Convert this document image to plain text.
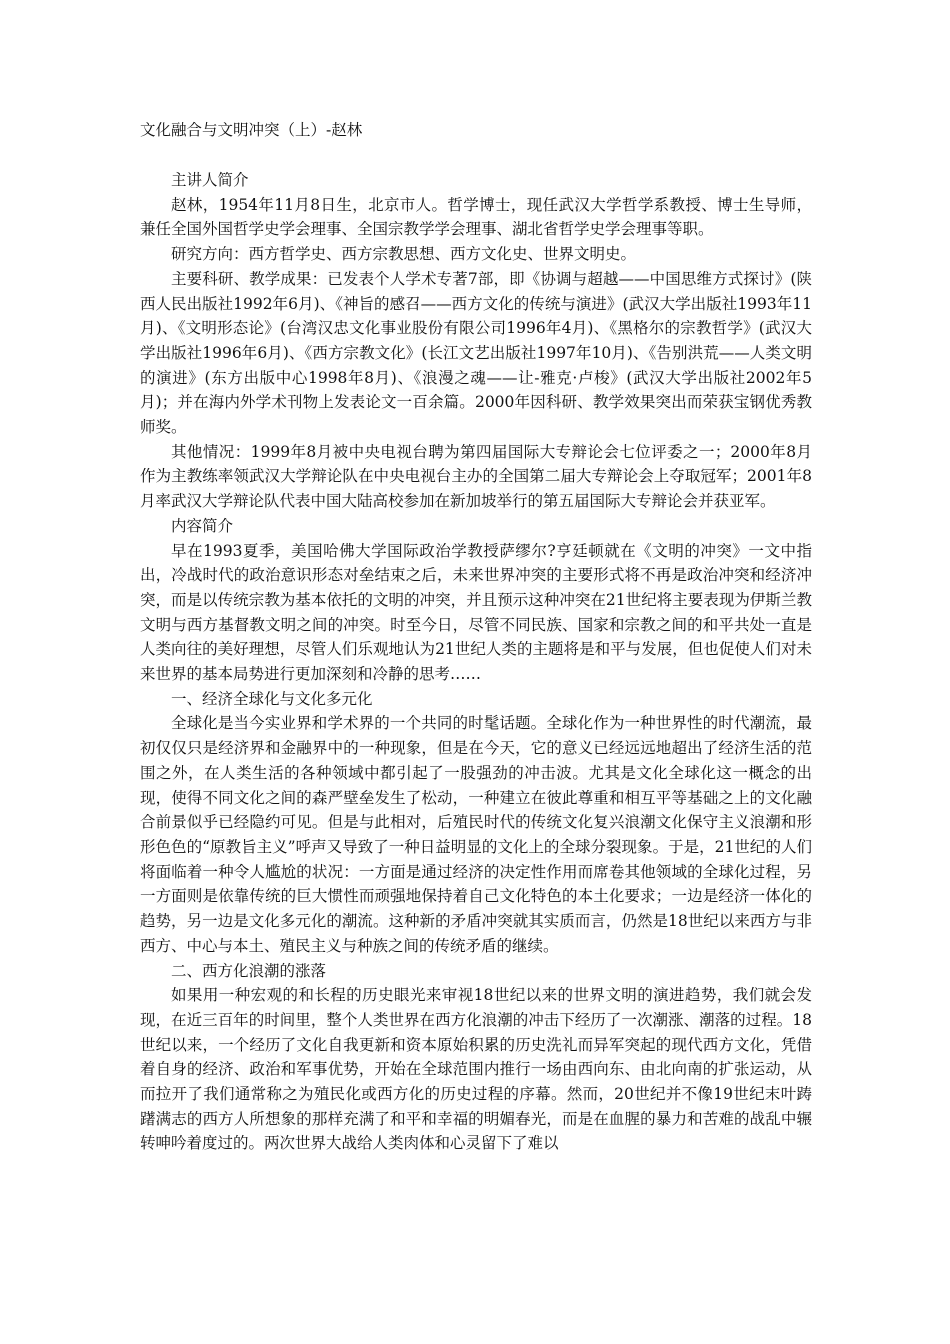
文化融合与文明冲突（上）-赵林

主讲人简介

赵林，1954年11月8日生，北京市人。哲学博士，现任武汉大学哲学系教授、博士生导师，兼任全国外国哲学史学会理事、全国宗教学学会理事、湖北省哲学史学会理事等职。

研究方向：西方哲学史、西方宗教思想、西方文化史、世界文明史。

主要科研、教学成果：已发表个人学术专著7部，即《协调与超越——中国思维方式探讨》(陕西人民出版社1992年6月)、《神旨的感召——西方文化的传统与演进》(武汉大学出版社1993年11月)、《文明形态论》(台湾汉忠文化事业股份有限公司1996年4月)、《黑格尔的宗教哲学》(武汉大学出版社1996年6月)、《西方宗教文化》(长江文艺出版社1997年10月)、《告别洪荒——人类文明的演进》(东方出版中心1998年8月)、《浪漫之魂——让-雅克·卢梭》(武汉大学出版社2002年5月)；并在海内外学术刊物上发表论文一百余篇。2000年因科研、教学效果突出而荣获宝钢优秀教师奖。

其他情况：1999年8月被中央电视台聘为第四届国际大专辩论会七位评委之一；2000年8月作为主教练率领武汉大学辩论队在中央电视台主办的全国第二届大专辩论会上夺取冠军；2001年8月率武汉大学辩论队代表中国大陆高校参加在新加坡举行的第五届国际大专辩论会并获亚军。

内容简介

早在1993夏季，美国哈佛大学国际政治学教授萨缪尔?亨廷顿就在《文明的冲突》一文中指出，冷战时代的政治意识形态对垒结束之后，未来世界冲突的主要形式将不再是政治冲突和经济冲突，而是以传统宗教为基本依托的文明的冲突，并且预示这种冲突在21世纪将主要表现为伊斯兰教文明与西方基督教文明之间的冲突。时至今日，尽管不同民族、国家和宗教之间的和平共处一直是人类向往的美好理想，尽管人们乐观地认为21世纪人类的主题将是和平与发展，但也促使人们对未来世界的基本局势进行更加深刻和冷静的思考……

一、经济全球化与文化多元化

全球化是当今实业界和学术界的一个共同的时髦话题。全球化作为一种世界性的时代潮流，最初仅仅只是经济界和金融界中的一种现象，但是在今天，它的意义已经远远地超出了经济生活的范围之外，在人类生活的各种领域中都引起了一股强劲的冲击波。尤其是文化全球化这一概念的出现，使得不同文化之间的森严壁垒发生了松动，一种建立在彼此尊重和相互平等基础之上的文化融合前景似乎已经隐约可见。但是与此相对，后殖民时代的传统文化复兴浪潮文化保守主义浪潮和形形色色的“原教旨主义”呼声又导致了一种日益明显的文化上的全球分裂现象。于是，21世纪的人们将面临着一种令人尴尬的状况：一方面是通过经济的决定性作用而席卷其他领域的全球化过程，另一方面则是依靠传统的巨大惯性而顽强地保持着自己文化特色的本土化要求；一边是经济一体化的趋势，另一边是文化多元化的潮流。这种新的矛盾冲突就其实质而言，仍然是18世纪以来西方与非西方、中心与本土、殖民主义与种族之间的传统矛盾的继续。

二、西方化浪潮的涨落

如果用一种宏观的和长程的历史眼光来审视18世纪以来的世界文明的演进趋势，我们就会发现，在近三百年的时间里，整个人类世界在西方化浪潮的冲击下经历了一次潮涨、潮落的过程。18世纪以来，一个经历了文化自我更新和资本原始积累的历史洗礼而异军突起的现代西方文化，凭借着自身的经济、政治和军事优势，开始在全球范围内推行一场由西向东、由北向南的扩张运动，从而拉开了我们通常称之为殖民化或西方化的历史过程的序幕。然而，20世纪并不像19世纪末叶踌躇满志的西方人所想象的那样充满了和平和幸福的明媚春光，而是在血腥的暴力和苦难的战乱中辗转呻吟着度过的。两次世界大战给人类肉体和心灵留下了难以
